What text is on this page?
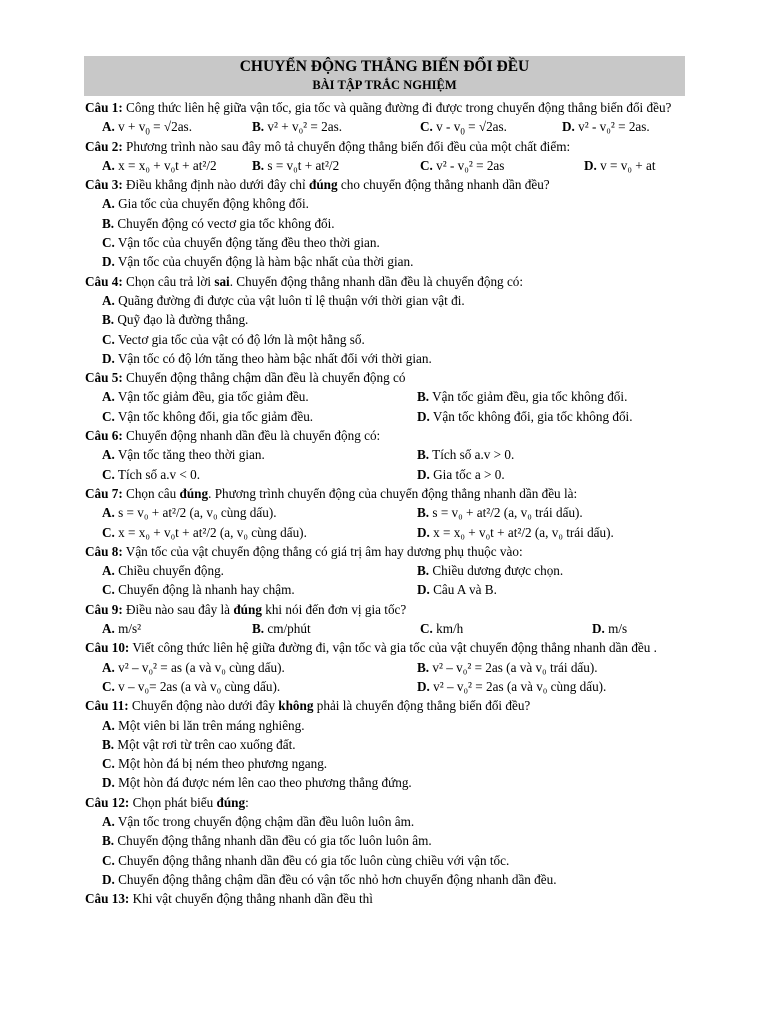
CHUYỂN ĐỘNG THẲNG BIẾN ĐỔI ĐỀU
BÀI TẬP TRẮC NGHIỆM
Câu 1: Công thức liên hệ giữa vận tốc, gia tốc và quãng đường đi được trong chuyển động thẳng biến đổi đều?
A. $v + v_0 = √2as$.	B. v² + v₀² = 2as.	C. $v - v_0 = √2as$.	D. v² - v₀² = 2as.
Câu 2: Phương trình nào sau đây mô tả chuyển động thẳng biến đổi đều của một chất điểm:
A. x = x₀ + v₀t + at²/2	B. s = v₀t + at²/2	C. v² - v₀² = 2as	D. v = v₀ + at
Câu 3: Điều khẳng định nào dưới đây chỉ đúng cho chuyển động thẳng nhanh dần đều?
A. Gia tốc của chuyển động không đổi.
B. Chuyển động có vectơ gia tốc không đổi.
C. Vận tốc của chuyển động tăng đều theo thời gian.
D. Vận tốc của chuyển động là hàm bậc nhất của thời gian.
Câu 4: Chọn câu trả lời sai. Chuyển động thẳng nhanh dần đều là chuyển động có:
A. Quãng đường đi được của vật luôn tỉ lệ thuận với thời gian vật đi.
B. Quỹ đạo là đường thẳng.
C. Vectơ gia tốc của vật có độ lớn là một hằng số.
D. Vận tốc có độ lớn tăng theo hàm bậc nhất đối với thời gian.
Câu 5: Chuyển động thẳng chậm dần đều là chuyển động có
A. Vận tốc giảm đều, gia tốc giảm đều.	B. Vận tốc giảm đều, gia tốc không đổi.
C. Vận tốc không đổi, gia tốc giảm đều.	D. Vận tốc không đổi, gia tốc không đổi.
Câu 6: Chuyển động nhanh dần đều là chuyển động có:
A. Vận tốc tăng theo thời gian.	B. Tích số a.v > 0.
C. Tích số a.v < 0.	D. Gia tốc a > 0.
Câu 7: Chọn câu đúng. Phương trình chuyển động của chuyển động thẳng nhanh dần đều là:
A. s = v₀ + at²/2 (a, v₀ cùng dấu).	B. s = v₀ + at²/2 (a, v₀ trái dấu).
C. x = x₀ + v₀t + at²/2 (a, v₀ cùng dấu).	D. x = x₀ + v₀t + at²/2 (a, v₀ trái dấu).
Câu 8: Vận tốc của vật chuyển động thẳng có giá trị âm hay dương phụ thuộc vào:
A. Chiều chuyển động.	B. Chiều dương được chọn.
C. Chuyển động là nhanh hay chậm.	D. Câu A và B.
Câu 9: Điều nào sau đây là đúng khi nói đến đơn vị gia tốc?
A. m/s²	B. cm/phút	C. km/h	D. m/s
Câu 10: Viết công thức liên hệ giữa đường đi, vận tốc và gia tốc của vật chuyển động thẳng nhanh dần đều .
A. v² – v₀² = as (a và v₀ cùng dấu).	B. v² – v₀² = 2as (a và v₀ trái dấu).
C. v – v₀= 2as (a và v₀ cùng dấu).	D. v² – v₀² = 2as (a và v₀ cùng dấu).
Câu 11: Chuyển động nào dưới đây không phải là chuyển động thẳng biến đổi đều?
A. Một viên bi lăn trên máng nghiêng.
B. Một vật rơi từ trên cao xuống đất.
C. Một hòn đá bị ném theo phương ngang.
D. Một hòn đá được ném lên cao theo phương thẳng đứng.
Câu 12: Chọn phát biểu đúng:
A. Vận tốc trong chuyển động chậm dần đều luôn luôn âm.
B. Chuyển động thẳng nhanh dần đều có gia tốc luôn luôn âm.
C. Chuyển động thẳng nhanh dần đều có gia tốc luôn cùng chiều với vận tốc.
D. Chuyển động thẳng chậm dần đều có vận tốc nhỏ hơn chuyển động nhanh dần đều.
Câu 13: Khi vật chuyển động thẳng nhanh dần đều thì
